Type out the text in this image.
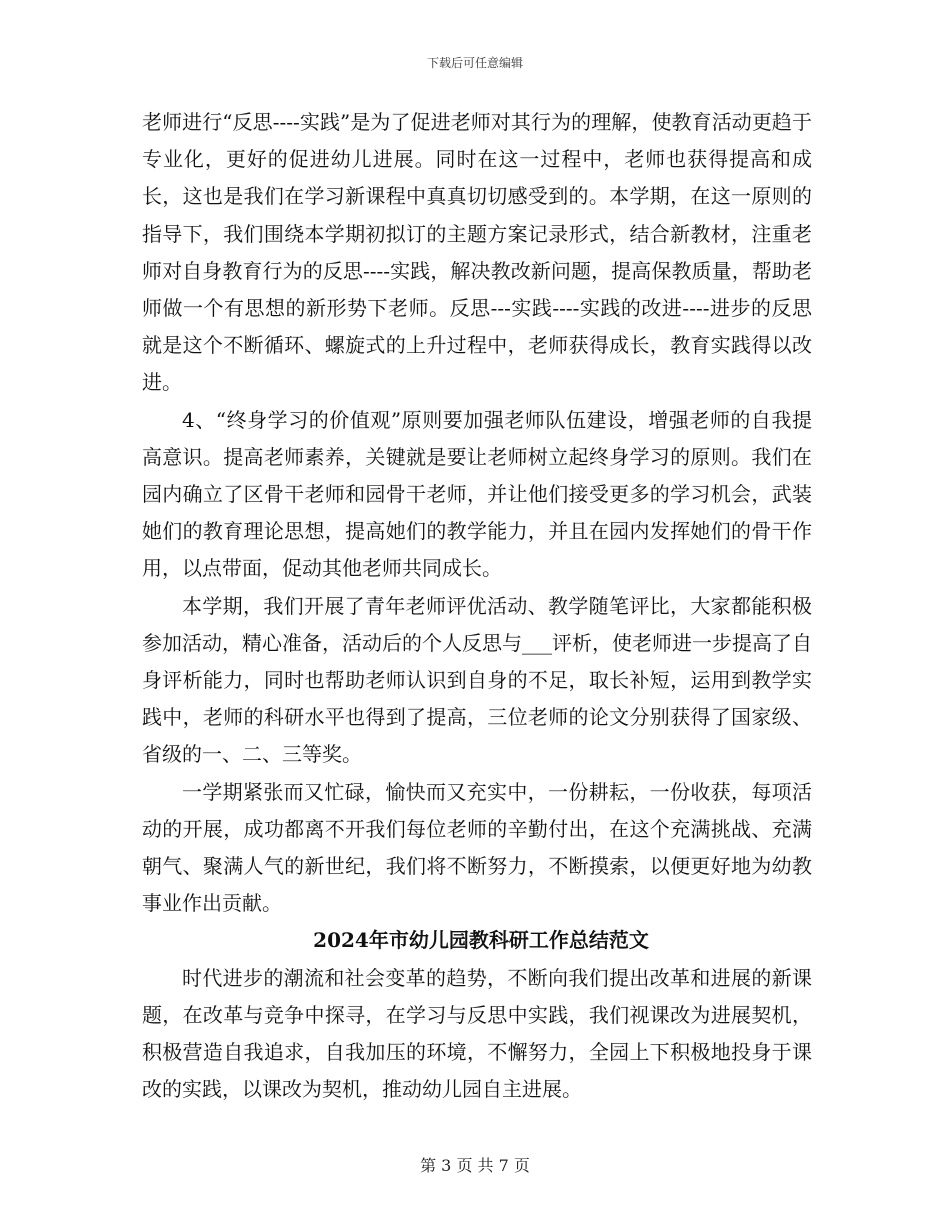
下载后可任意编辑

老师进行“反思----实践”是为了促进老师对其行为的理解，使教育活动更趋于专业化，更好的促进幼儿进展。同时在这一过程中，老师也获得提高和成长，这也是我们在学习新课程中真真切切感受到的。本学期，在这一原则的指导下，我们围绕本学期初拟订的主题方案记录形式，结合新教材，注重老师对自身教育行为的反思----实践，解决教改新问题，提高保教质量，帮助老师做一个有思想的新形势下老师。反思---实践----实践的改进----进步的反思就是这个不断循环、螺旋式的上升过程中，老师获得成长，教育实践得以改进。

4、“终身学习的价值观”原则要加强老师队伍建设，增强老师的自我提高意识。提高老师素养，关键就是要让老师树立起终身学习的原则。我们在园内确立了区骨干老师和园骨干老师，并让他们接受更多的学习机会，武装她们的教育理论思想，提高她们的教学能力，并且在园内发挥她们的骨干作用，以点带面，促动其他老师共同成长。

本学期，我们开展了青年老师评优活动、教学随笔评比，大家都能积极参加活动，精心准备，活动后的个人反思与___评析，使老师进一步提高了自身评析能力，同时也帮助老师认识到自身的不足，取长补短，运用到教学实践中，老师的科研水平也得到了提高，三位老师的论文分别获得了国家级、省级的一、二、三等奖。

一学期紧张而又忙碌，愉快而又充实中，一份耕耘，一份收获，每项活动的开展，成功都离不开我们每位老师的辛勤付出，在这个充满挑战、充满朝气、聚满人气的新世纪，我们将不断努力，不断摸索，以便更好地为幼教事业作出贡献。

2024年市幼儿园教科研工作总结范文

时代进步的潮流和社会变革的趋势，不断向我们提出改革和进展的新课题，在改革与竞争中探寻，在学习与反思中实践，我们视课改为进展契机，积极营造自我追求，自我加压的环境，不懈努力，全园上下积极地投身于课改的实践，以课改为契机，推动幼儿园自主进展。

第 3 页 共 7 页
